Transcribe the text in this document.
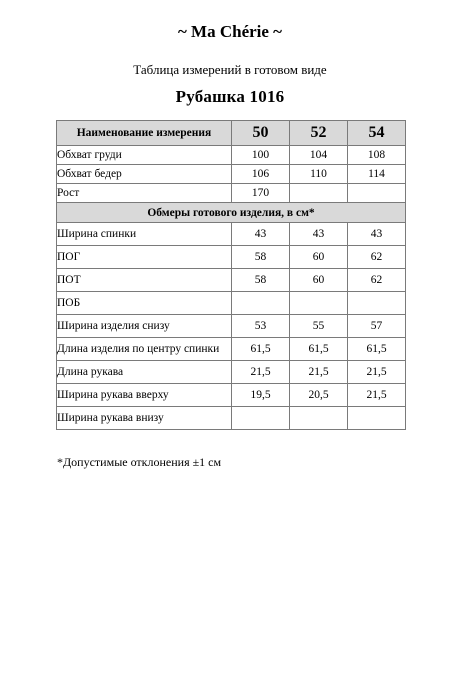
~ Ma Chérie ~
Таблица измерений в готовом виде
Рубашка 1016
Наименование измерения	50	52	54
Обхват груди	100	104	108
Обхват бедер	106	110	114
Рост	170		
Обмеры готового изделия, в см*			
Ширина спинки	43	43	43
ПОГ	58	60	62
ПОТ	58	60	62
ПОБ			
Ширина изделия снизу	53	55	57
Длина изделия по центру спинки	61,5	61,5	61,5
Длина рукава	21,5	21,5	21,5
Ширина рукава вверху	19,5	20,5	21,5
Ширина рукава внизу			
*Допустимые отклонения ±1 см
